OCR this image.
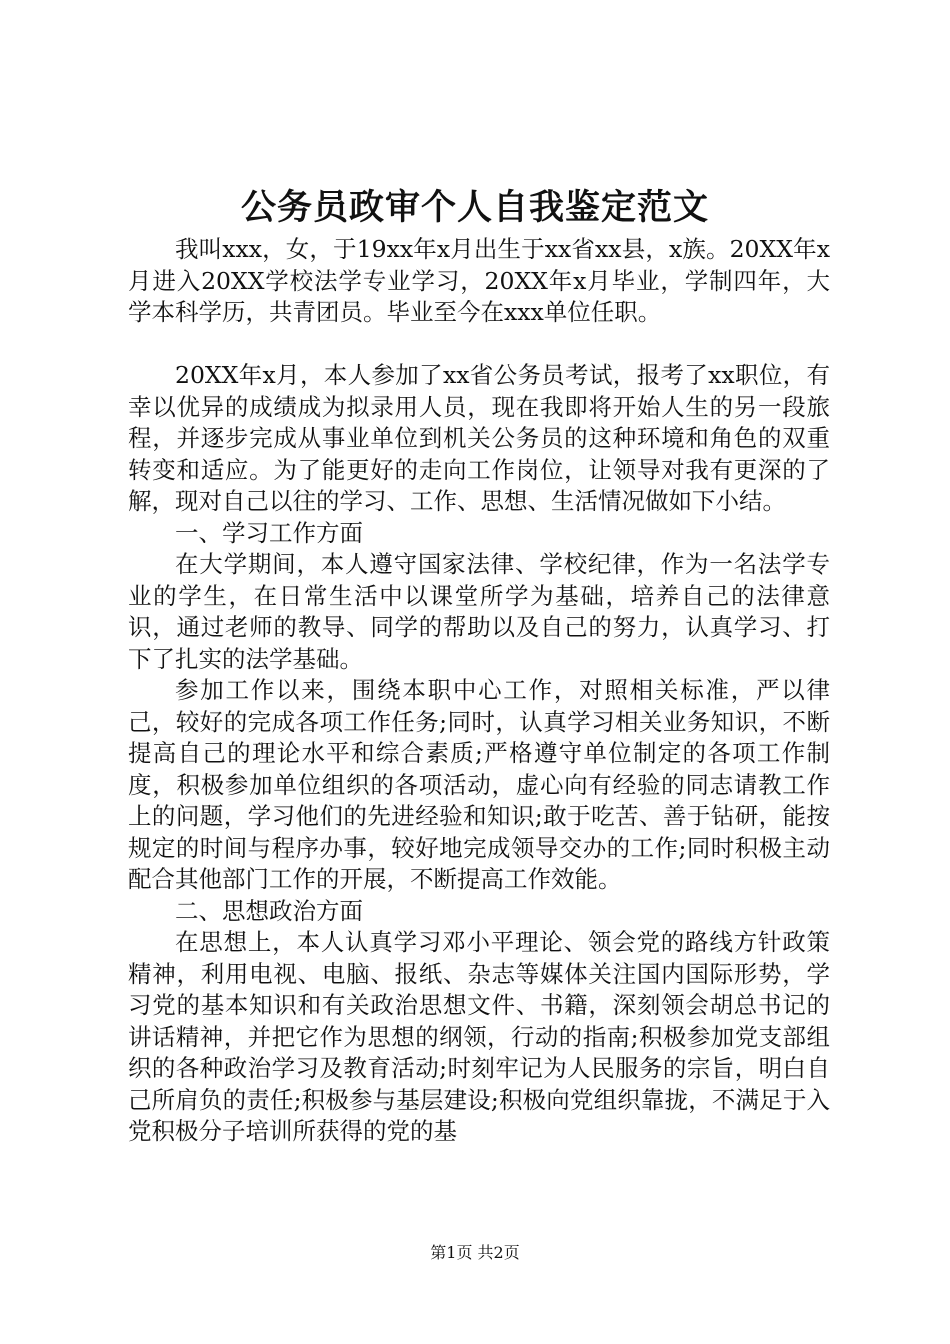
公务员政审个人自我鉴定范文

我叫xxx，女，于19xx年x月出生于xx省xx县，x族。20XX年x月进入20XX学校法学专业学习，20XX年x月毕业，学制四年，大学本科学历，共青团员。毕业至今在xxx单位任职。

20XX年x月，本人参加了xx省公务员考试，报考了xx职位，有幸以优异的成绩成为拟录用人员，现在我即将开始人生的另一段旅程，并逐步完成从事业单位到机关公务员的这种环境和角色的双重转变和适应。为了能更好的走向工作岗位，让领导对我有更深的了解，现对自己以往的学习、工作、思想、生活情况做如下小结。

一、学习工作方面

在大学期间，本人遵守国家法律、学校纪律，作为一名法学专业的学生，在日常生活中以课堂所学为基础，培养自己的法律意识，通过老师的教导、同学的帮助以及自己的努力，认真学习、打下了扎实的法学基础。

参加工作以来，围绕本职中心工作，对照相关标准，严以律己，较好的完成各项工作任务;同时，认真学习相关业务知识，不断提高自己的理论水平和综合素质;严格遵守单位制定的各项工作制度，积极参加单位组织的各项活动，虚心向有经验的同志请教工作上的问题，学习他们的先进经验和知识;敢于吃苦、善于钻研，能按规定的时间与程序办事，较好地完成领导交办的工作;同时积极主动配合其他部门工作的开展，不断提高工作效能。

二、思想政治方面

在思想上，本人认真学习邓小平理论、领会党的路线方针政策精神，利用电视、电脑、报纸、杂志等媒体关注国内国际形势，学习党的基本知识和有关政治思想文件、书籍，深刻领会胡总书记的讲话精神，并把它作为思想的纲领，行动的指南;积极参加党支部组织的各种政治学习及教育活动;时刻牢记为人民服务的宗旨，明白自己所肩负的责任;积极参与基层建设;积极向党组织靠拢，不满足于入党积极分子培训所获得的党的基

第1页 共2页
